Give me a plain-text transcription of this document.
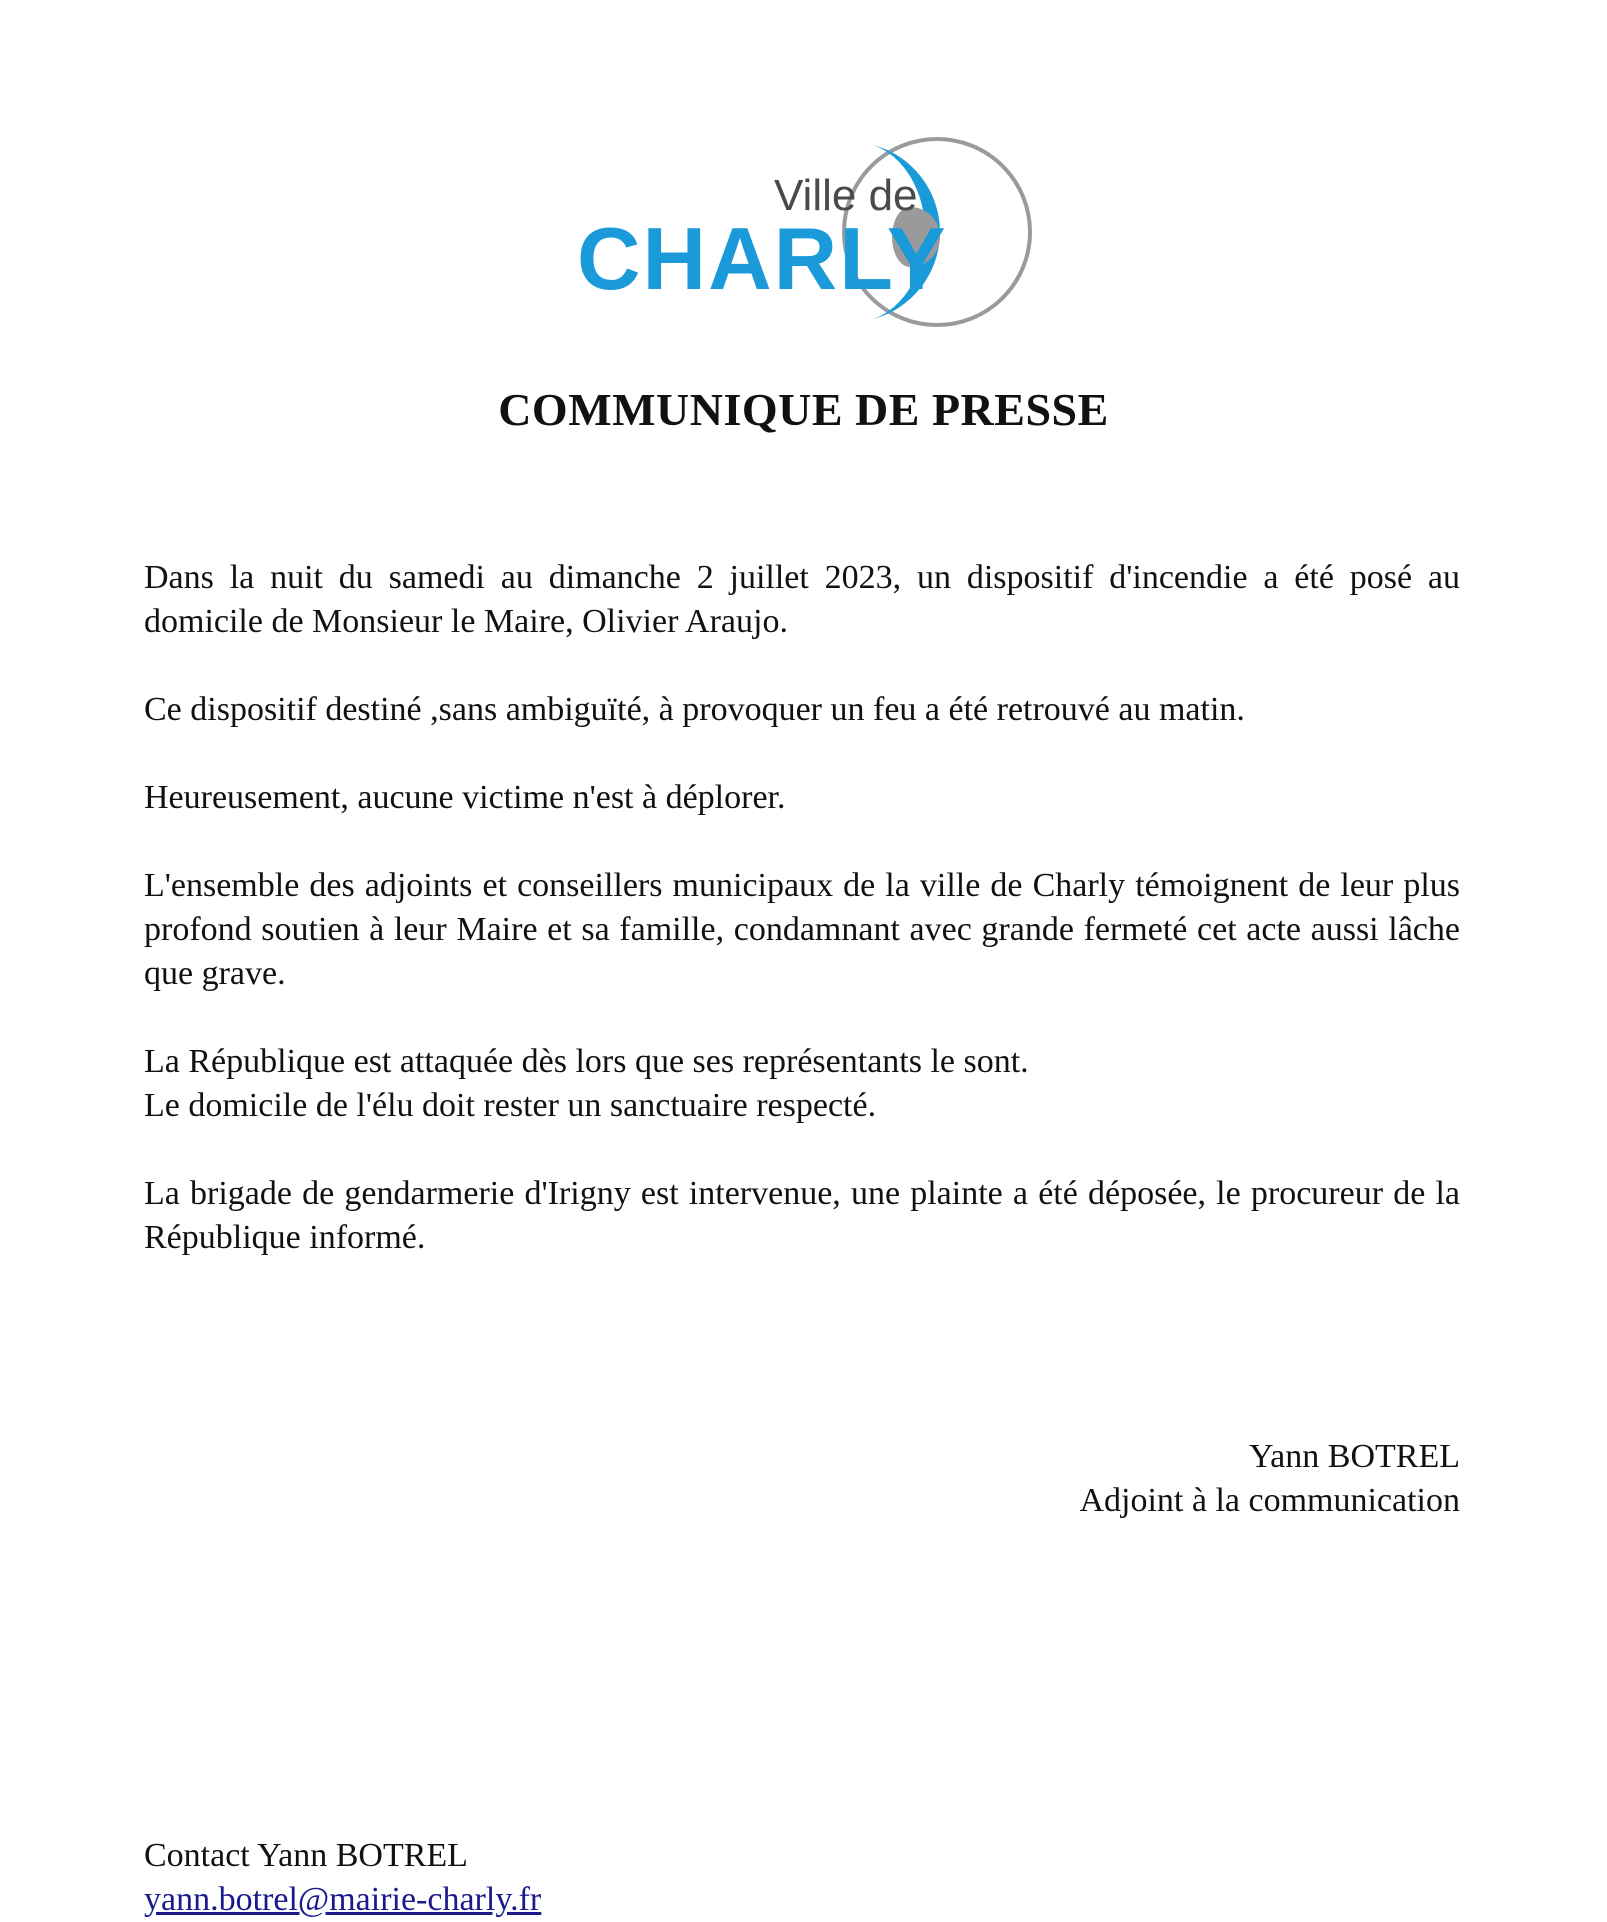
Ville de
CHARLY
COMMUNIQUE DE PRESSE

Dans la nuit du samedi au dimanche 2 juillet 2023, un dispositif d'incendie a été posé au domicile de Monsieur le Maire, Olivier Araujo.

Ce dispositif destiné ,sans ambiguïté, à provoquer un feu a été retrouvé au matin.

Heureusement, aucune victime n'est à déplorer.

L'ensemble des adjoints et conseillers municipaux de la ville de Charly témoignent de leur plus profond soutien à leur Maire et sa famille, condamnant avec grande fermeté cet acte aussi lâche que grave.

La République est attaquée dès lors que ses représentants le sont.
Le domicile de l'élu doit rester un sanctuaire respecté.

La brigade de gendarmerie d'Irigny est intervenue, une plainte a été déposée, le procureur de la République informé.

Yann BOTREL
Adjoint à la communication
Contact Yann BOTREL
yann.botrel@mairie-charly.fr
